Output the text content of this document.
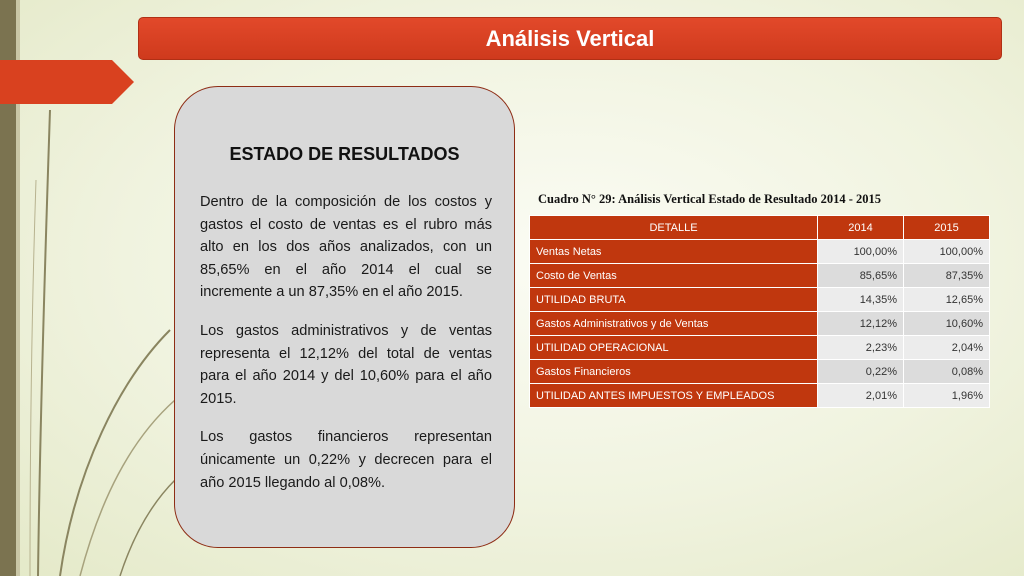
Análisis Vertical
ESTADO DE RESULTADOS

Dentro de la composición de los costos y gastos el costo de ventas es el rubro más alto en los dos años analizados, con un 85,65% en el año 2014 el cual se incremente a un 87,35% en el año 2015.

Los gastos administrativos y de ventas representa el 12,12% del total de ventas para el año 2014 y del 10,60% para el año 2015.

Los gastos financieros representan únicamente un 0,22% y decrecen para el año 2015 llegando al 0,08%.

Cuadro N° 29: Análisis Vertical Estado de Resultado 2014 - 2015
DETALLE	2014	2015
Ventas Netas	100,00%	100,00%
Costo de Ventas	85,65%	87,35%
UTILIDAD BRUTA	14,35%	12,65%
Gastos Administrativos y de Ventas	12,12%	10,60%
UTILIDAD OPERACIONAL	2,23%	2,04%
Gastos Financieros	0,22%	0,08%
UTILIDAD ANTES IMPUESTOS Y EMPLEADOS	2,01%	1,96%
